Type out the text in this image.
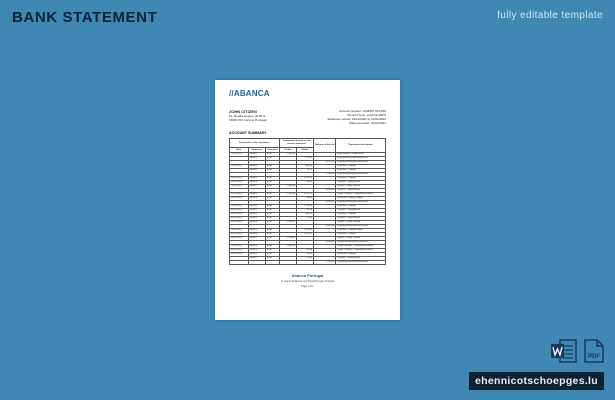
BANK STATEMENT	fully editable template
//ABANCA
JOHN CITIZEN
12, Rueda Amigos via 00 S
15000 OO Coruna, Portugal
Account number: 1234567 8123/56
Account Type: ecuenta 300%
Statement period: 01/12/2021 to 31/01/2022
Statement date: 31/01/2022
ACCOUNT SUMMARY
Transaction, other operations			Transaction amount on the current statement		Balance at the end	Transaction description
Date	Statement	Comment	Credits	Debits		
11/12/2021	000001	00/01	1.200,00			Initial balance / Saldo inicial
	000002	00/01		210,15		Retirement/Retirada de efectivo
					3.212,33	Retirement/Retirada de efectivo
12/12/2021	000003	00/01		860,24		Purchase / Compra
	000004	00/01		12,71		Purchase / Compra
					2.338,90	Retirement/Retirada de efectivo
13/12/2021	000005	00/01		1.025,14		Purchase / Compra
14/12/2021	000006	00/01		24,05		Transfer / Transferencia
16/12/2021	000007	00/01	1.500,00			Service / Cobro servicio
					3.814,45	Transfer / Transferencia
17/12/2021	000008	00/01	2.150,00	5.412,20		Online Transfer / Transferencia online
18/12/2021	000009	00/01		64,35		Purchase / Compra tarjeta
					5.201,26	Retirement/Retirada de efectivo
19/12/2021	000010	00/01		1.112,18		Purchase / Compra
20/12/2021	000011	00/01		22,18		Transfer / Transferencia
21/12/2021	000012	00/01		480,72		Purchase / Compra
22/12/2021	000013	00/01		12,90		Transfer / Transferencia
23/12/2021	000014	00/01	1.200,00			Service / Cobro servicio
					4.562,38	Retirement/Retirada de efectivo
26/12/2021	000015	00/01		1.212,90		Purchase / Compra tarjeta
27/12/2021	000016	00/01		1.205,11		Purchase / Compra
28/12/2021	000017	00/01	1.125,00			Service / Cobro servicio
					2.864,55	Retirement/Retirada de efectivo
29/12/2021	000018	00/01	1.000,00			Online Transfer / Transferencia online
30/12/2021	000019	00/01		212,44		Online Transfer / Transferencia online
31/12/2021	000020	00/01		53,12		Purchase / Compra
	000021	00/01		12,60		Transfer / Transferencia
					1.742,55	Retirement/Retirada de efectivo
Abanca Portugal
R. Garcia Peligrosa via 2 Porto/Portugal, Portugal
Page 1 of 1
PDF
ehennicotschoepges.lu
